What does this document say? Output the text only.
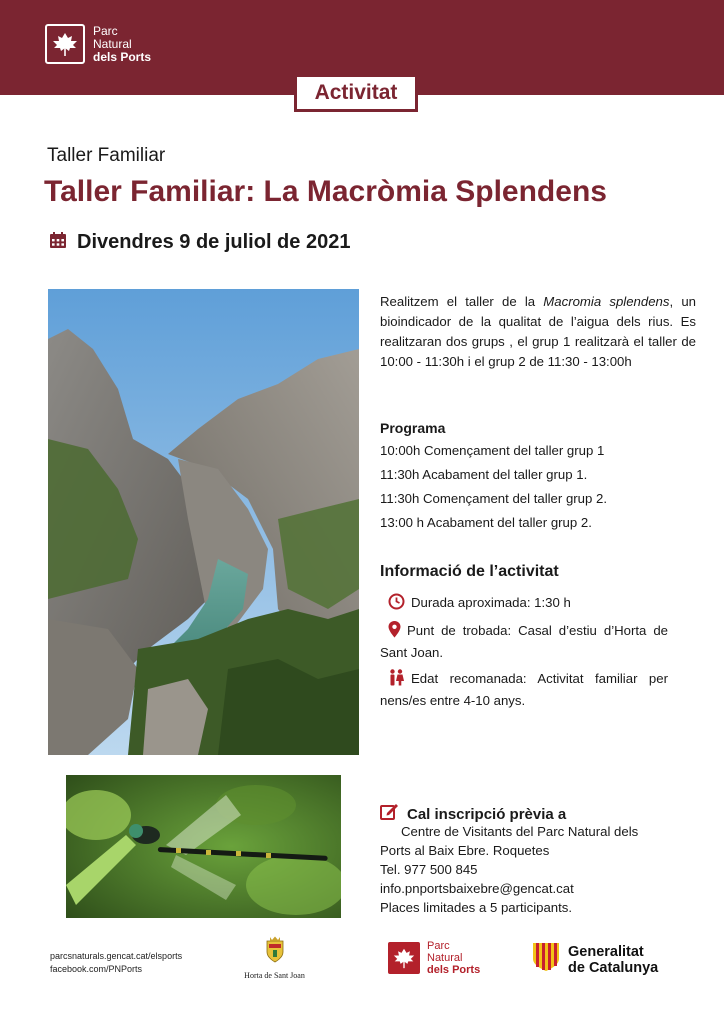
Parc
Natural
dels Ports
Activitat
Taller Familiar
Taller Familiar: La Macròmia Splendens
Divendres 9 de juliol de 2021
Realitzem el taller de la Macromia splendens, un bioindicador de la qualitat de l’aigua dels rius. Es realitzaran dos grups , el grup 1 realitzarà el taller de 10:00 - 11:30h i el grup 2 de 11:30 - 13:00h
Programa
10:00h Començament del taller grup 1
11:30h Acabament del taller grup 1.
11:30h Començament del taller grup 2.
13:00 h Acabament del taller grup 2.
Informació de l’activitat
Durada aproximada: 1:30 h
Punt de trobada: Casal d’estiu d’Horta de Sant Joan.
Edat recomanada: Activitat familiar per nens/es entre 4-10 anys.
Cal inscripció prèvia a
Centre de Visitants del Parc Natural dels
Ports al Baix Ebre. Roquetes
Tel. 977 500 845
info.pnportsbaixebre@gencat.cat
Places limitades a 5 participants.
parcsnaturals.gencat.cat/elsports
facebook.com/PNPorts
Horta de Sant Joan
Parc
Natural
dels Ports
Generalitat
de Catalunya
